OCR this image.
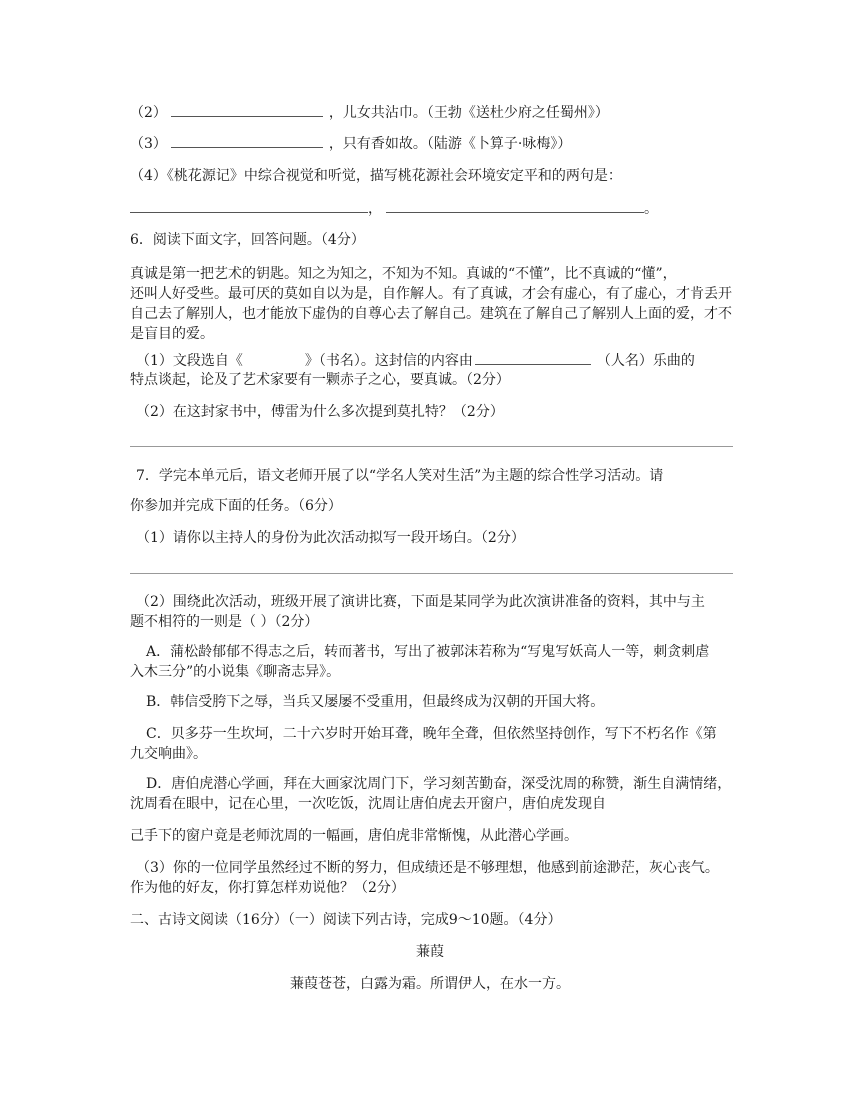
（2）	，儿女共沾巾。（王勃《送杜少府之任蜀州》）
（3）	，只有香如故。（陆游《卜算子·咏梅》）
（4）《桃花源记》中综合视觉和听觉，描写桃花源社会环境安定平和的两句是：
，	。
6．阅读下面文字，回答问题。（4分）
真诚是第一把艺术的钥匙。知之为知之，不知为不知。真诚的“不懂”，比不真诚的“懂”，
还叫人好受些。最可厌的莫如自以为是，自作解人。有了真诚，才会有虚心，有了虚心，才肯丢开
自己去了解别人，也才能放下虚伪的自尊心去了解自己。建筑在了解自己了解别人上面的爱，才不
是盲目的爱。
（1）文段选自《	》（书名）。这封信的内容由	（人名）乐曲的
特点谈起，论及了艺术家要有一颗赤子之心，要真诚。（2分）
（2）在这封家书中，傅雷为什么多次提到莫扎特？（2分）
7．学完本单元后，语文老师开展了以“学名人笑对生活”为主题的综合性学习活动。请
你参加并完成下面的任务。（6分）
（1）请你以主持人的身份为此次活动拟写一段开场白。（2分）
（2）围绕此次活动，班级开展了演讲比赛，下面是某同学为此次演讲准备的资料，其中与主
题不相符的一则是（ ）（2分）
A．蒲松龄郁郁不得志之后，转而著书，写出了被郭沫若称为“写鬼写妖高人一等，刺贪刺虐
入木三分”的小说集《聊斋志异》。
B．韩信受胯下之辱，当兵又屡屡不受重用，但最终成为汉朝的开国大将。
C．贝多芬一生坎坷，二十六岁时开始耳聋，晚年全聋，但依然坚持创作，写下不朽名作《第
九交响曲》。
D．唐伯虎潜心学画，拜在大画家沈周门下，学习刻苦勤奋，深受沈周的称赞，渐生自满情绪，
沈周看在眼中，记在心里，一次吃饭，沈周让唐伯虎去开窗户，唐伯虎发现自
己手下的窗户竟是老师沈周的一幅画，唐伯虎非常惭愧，从此潜心学画。
（3）你的一位同学虽然经过不断的努力，但成绩还是不够理想，他感到前途渺茫，灰心丧气。
作为他的好友，你打算怎样劝说他？（2分）
二、古诗文阅读（16分）（一）阅读下列古诗，完成9～10题。（4分）
蒹葭
蒹葭苍苍，白露为霜。所谓伊人，在水一方。
